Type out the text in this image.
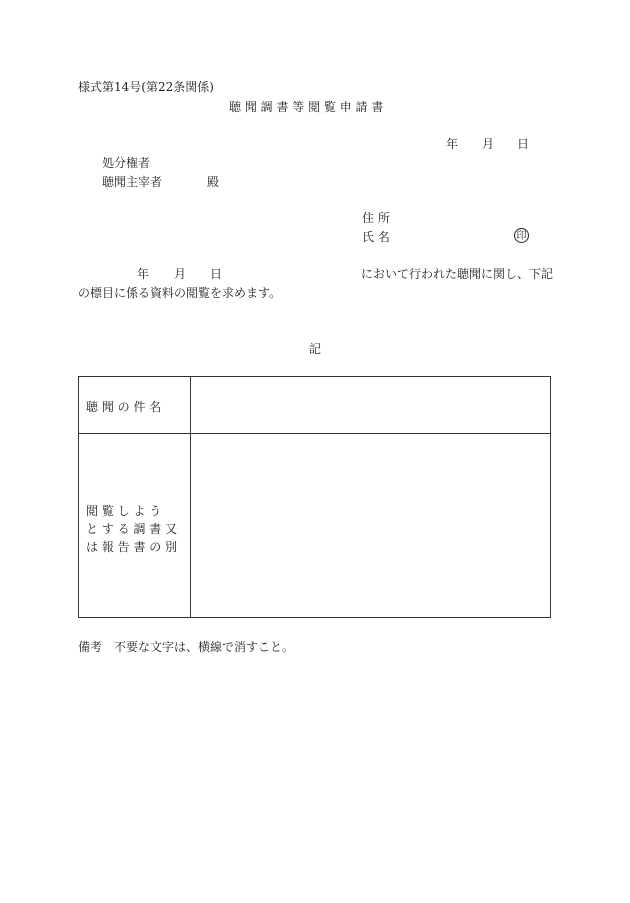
様式第14号(第22条関係)
聴 聞 調 書 等 閲 覧 申 請 書
年 月 日
処分権者
聴聞主宰者	殿
住 所
氏 名	印
年 月 日	において行われた聴聞に関し、下記
の標目に係る資料の閲覧を求めます。
記
聴 聞 の 件 名
閲 覧 し よ う
と す る 調 書 又
は 報 告 書 の 別
備考　不要な文字は、横線で消すこと。
